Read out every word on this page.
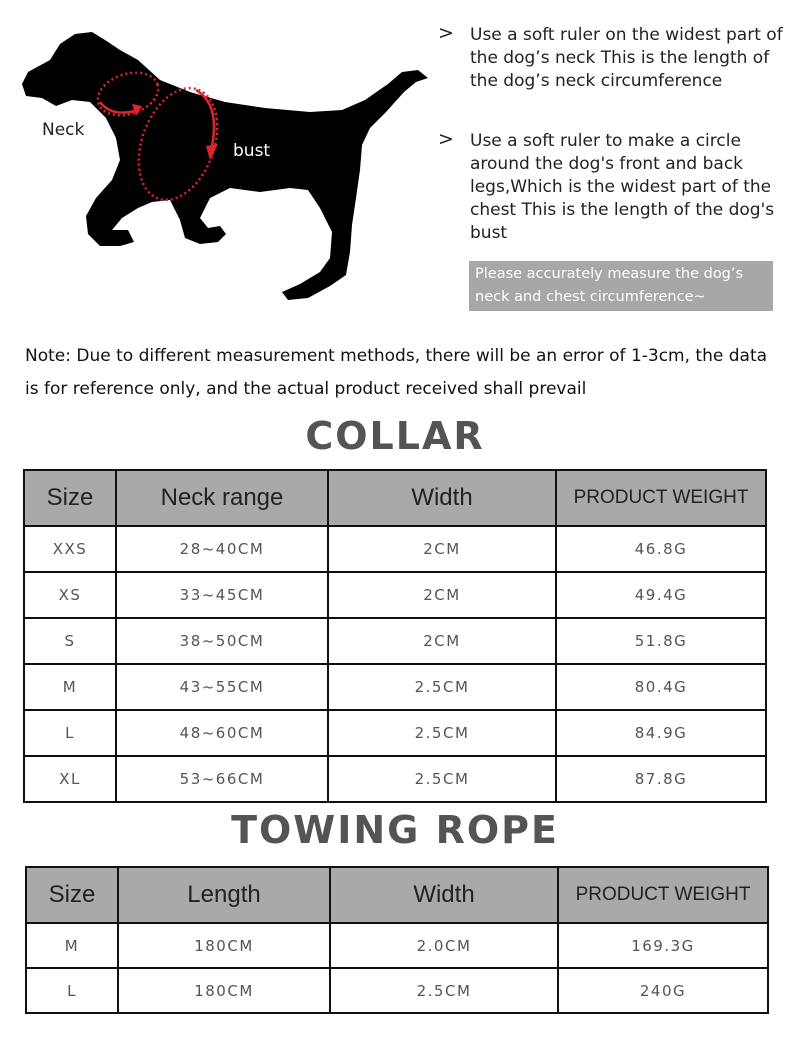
Neck
bust
> Use a soft ruler on the widest part of the dog’s neck This is the length of the dog’s neck circumference
> Use a soft ruler to make a circle around the dog's front and back legs,Which is the widest part of the chest This is the length of the dog's bust
Please accurately measure the dog’s neck and chest circumference~
Note: Due to different measurement methods, there will be an error of 1-3cm, the data is for reference only, and the actual product received shall prevail
COLLAR
Size	Neck range	Width	PRODUCT WEIGHT
XXS	28~40CM	2CM	46.8G
XS	33~45CM	2CM	49.4G
S	38~50CM	2CM	51.8G
M	43~55CM	2.5CM	80.4G
L	48~60CM	2.5CM	84.9G
XL	53~66CM	2.5CM	87.8G
TOWING ROPE
Size	Length	Width	PRODUCT WEIGHT
M	180CM	2.0CM	169.3G
L	180CM	2.5CM	240G
